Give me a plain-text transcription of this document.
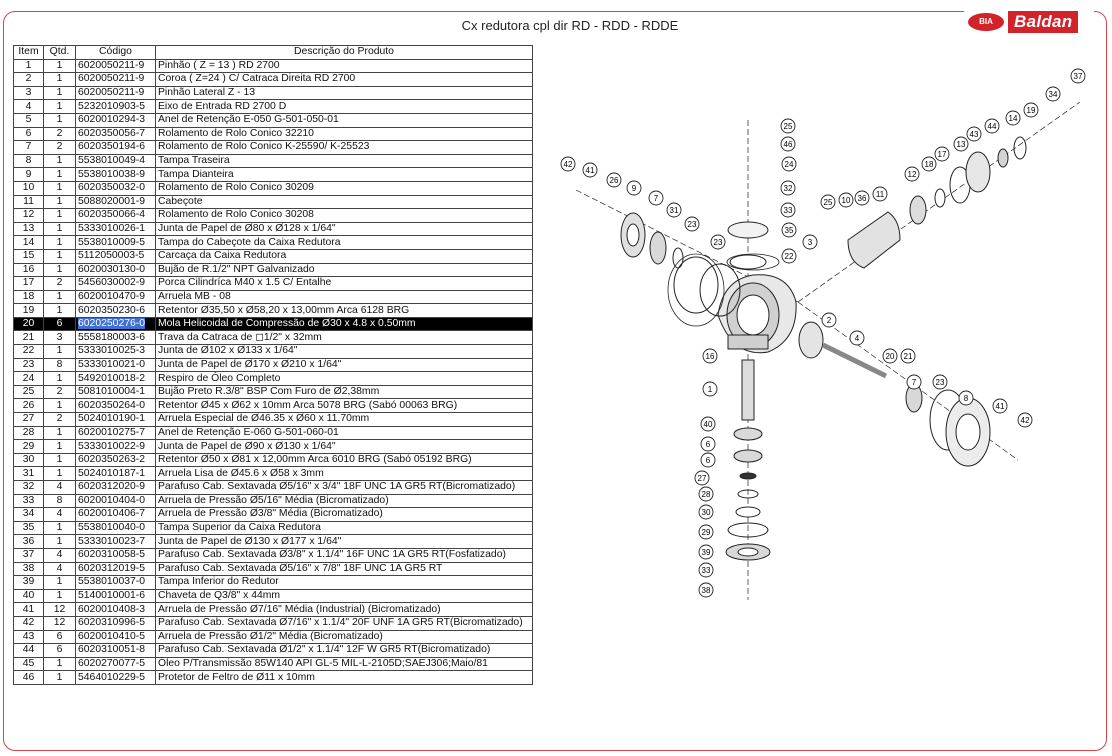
Cx redutora cpl dir RD - RDD - RDDE	BIA	Baldan
Item	Qtd.	Código	Descrição do Produto
1	1	6020050211-9	Pinhão ( Z = 13 ) RD 2700
2	1	6020050211-9	Coroa ( Z=24 ) C/ Catraca Direita RD 2700
3	1	6020050211-9	Pinhão Lateral Z - 13
4	1	5232010903-5	Eixo de Entrada RD 2700 D
5	1	6020010294-3	Anel de Retenção E-050 G-501-050-01
6	2	6020350056-7	Rolamento de Rolo Conico 32210
7	2	6020350194-6	Rolamento de Rolo Conico K-25590/ K-25523
8	1	5538010049-4	Tampa Traseira
9	1	5538010038-9	Tampa Dianteira
10	1	6020350032-0	Rolamento de Rolo Conico 30209
11	1	5088020001-9	Cabeçote
12	1	6020350066-4	Rolamento de Rolo Conico 30208
13	1	5333010026-1	Junta de Papel de Ø80 x Ø128 x 1/64"
14	1	5538010009-5	Tampa do Cabeçote da Caixa Redutora
15	1	5112050003-5	Carcaça da Caixa Redutora
16	1	6020030130-0	Bujão de R.1/2" NPT Galvanizado
17	2	5456030002-9	Porca Cilindríca M40 x 1.5 C/ Entalhe
18	1	6020010470-9	Arruela MB - 08
19	1	6020350230-6	Retentor Ø35,50 x Ø58,20 x 13,00mm Arca 6128 BRG
20	6	6020250276-0	Mola Helicoidal de Compressão de Ø30 x 4.8 x 0.50mm
21	3	5558180003-6	Trava da Catraca de ◻1/2" x 32mm
22	1	5333010025-3	Junta de Ø102 x Ø133 x 1/64"
23	8	5333010021-0	Junta de Papel de Ø170 x Ø210 x 1/64"
24	1	5492010018-2	Respiro de Óleo Completo
25	2	5081010004-1	Bujão Preto R.3/8" BSP Com Furo de Ø2,38mm
26	1	6020350264-0	Retentor Ø45 x Ø62 x 10mm Arca 5078 BRG (Sabó 00063 BRG)
27	2	5024010190-1	Arruela Especial de Ø46.35 x Ø60 x 11.70mm
28	1	6020010275-7	Anel de Retenção E-060 G-501-060-01
29	1	5333010022-9	Junta de Papel de Ø90 x Ø130 x 1/64"
30	1	6020350263-2	Retentor Ø50 x Ø81 x 12,00mm Arca 6010 BRG (Sabó 05192 BRG)
31	1	5024010187-1	Arruela Lisa de Ø45.6 x Ø58 x 3mm
32	4	6020312020-9	Parafuso Cab. Sextavada Ø5/16" x 3/4" 18F UNC 1A GR5 RT(Bicromatizado)
33	8	6020010404-0	Arruela de Pressão Ø5/16" Média (Bicromatizado)
34	4	6020010406-7	Arruela de Pressão Ø3/8" Média (Bicromatizado)
35	1	5538010040-0	Tampa Superior da Caixa Redutora
36	1	5333010023-7	Junta de Papel de Ø130 x Ø177 x 1/64"
37	4	6020310058-5	Parafuso Cab. Sextavada Ø3/8" x 1.1/4" 16F UNC 1A GR5 RT(Fosfatizado)
38	4	6020312019-5	Parafuso Cab. Sextavada Ø5/16" x 7/8" 18F UNC 1A GR5 RT
39	1	5538010037-0	Tampa Inferior do Redutor
40	1	5140010001-6	Chaveta de Q3/8" x 44mm
41	12	6020010408-3	Arruela de Pressão Ø7/16" Média (Industrial) (Bicromatizado)
42	12	6020310996-5	Parafuso Cab. Sextavada Ø7/16" x 1.1/4" 20F UNF 1A GR5 RT(Bicromatizado)
43	6	6020010410-5	Arruela de Pressão Ø1/2" Média (Bicromatizado)
44	6	6020310051-8	Parafuso Cab. Sextavada Ø1/2" x 1.1/4" 12F W GR5 RT(Bicromatizado)
45	1	6020270077-5	Óleo P/Transmissão 85W140 API GL-5 MIL-L-2105D;SAEJ306;Maio/81
46	1	5464010229-5	Protetor de Feltro de Ø11 x 10mm
37
34
19
14
44
43
13
17
18
12
11
36
10
25
3
25
46
24
32
33
35
22
42
41
26
9
7
31
23
23
2
4
16
1
20 21
7 23
8
41
42
40
6
6
27
28
30
29
39
33
38
